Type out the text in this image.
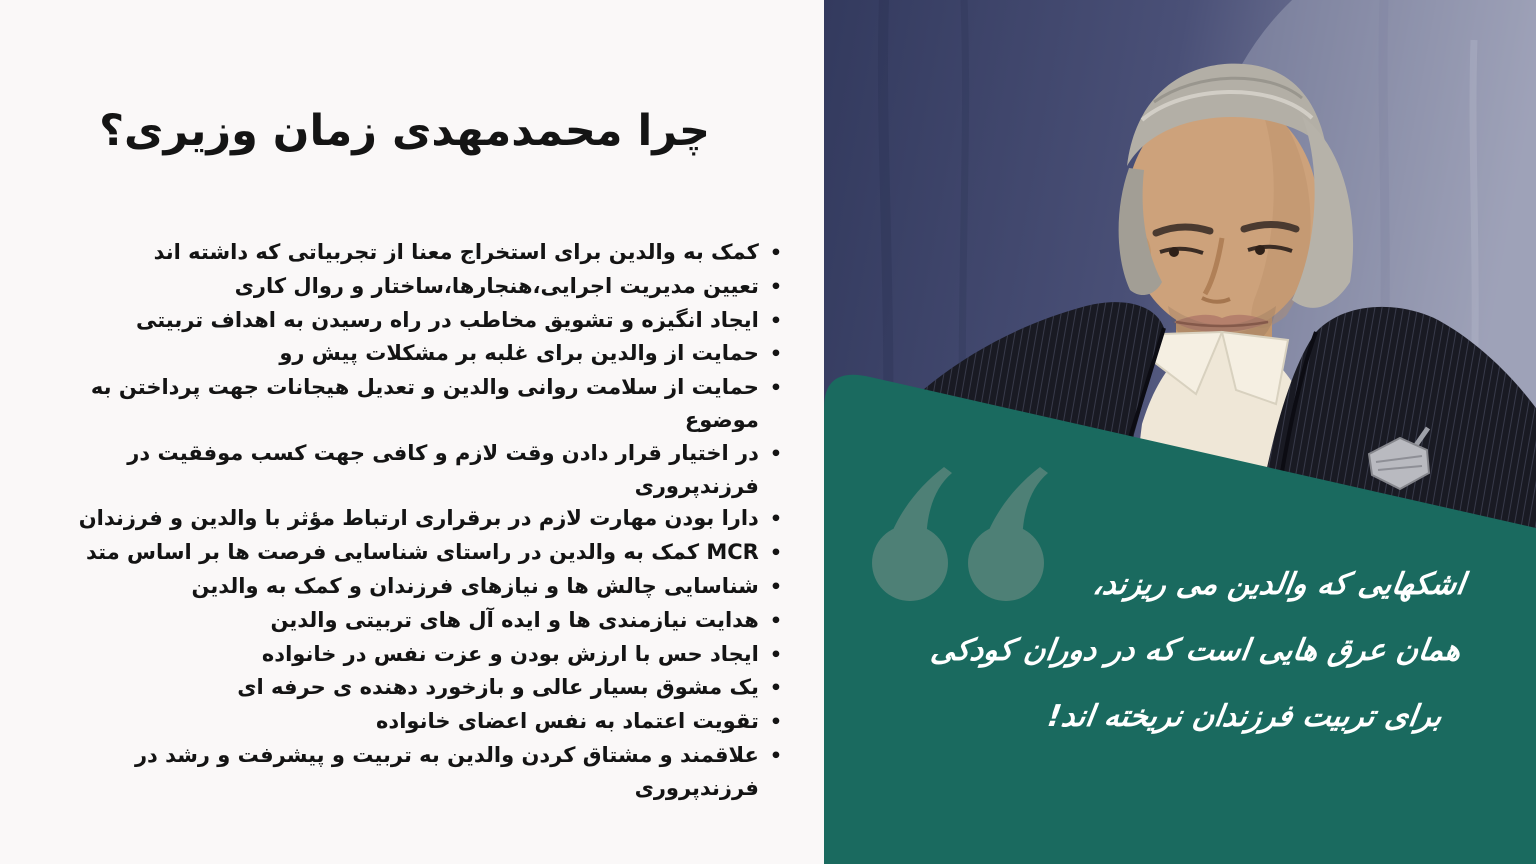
چرا محمدمهدی زمان وزیری؟
•
کمک به والدین برای استخراج معنا از تجربیاتی که داشته اند
•
تعیین مدیریت اجرایی،هنجارها،ساختار و روال کاری
•
ایجاد انگیزه و تشویق مخاطب در راه رسیدن به اهداف تربیتی
•
حمایت از والدین برای غلبه بر مشکلات پیش رو
•
حمایت از سلامت روانی والدین و تعدیل هیجانات جهت پرداختن به موضوع
•
در اختیار قرار دادن وقت لازم و کافی جهت کسب موفقیت در فرزندپروری
•
دارا بودن مهارت لازم در برقراری ارتباط مؤثر با والدین و فرزندان
•
MCR کمک به والدین در راستای شناسایی فرصت ها بر اساس متد
•
شناسایی چالش ها و نیازهای فرزندان و کمک به والدین
•
هدایت نیازمندی ها و ایده آل های تربیتی والدین
•
ایجاد حس با ارزش بودن و عزت نفس در خانواده
•
یک مشوق بسیار عالی و بازخورد دهنده ی حرفه ای
•
تقویت اعتماد به نفس اعضای خانواده
•
علاقمند و مشتاق کردن والدین به تربیت و پیشرفت و رشد در فرزندپروری
اشکهایی که والدین می ریزند،
همان عرق هایی است که در دوران کودکی
برای تربیت فرزندان نریخته اند!
